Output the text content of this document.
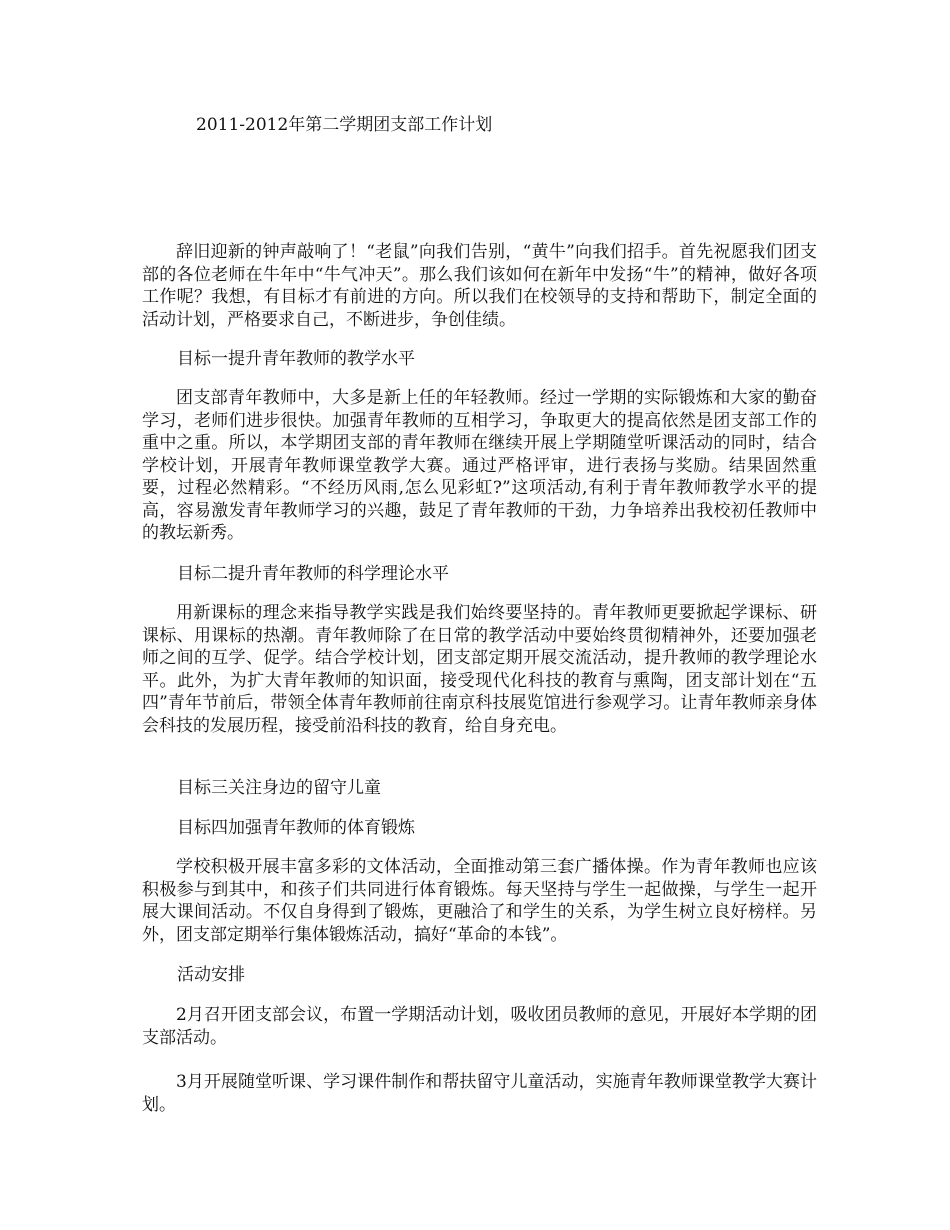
2011-2012年第二学期团支部工作计划

辞旧迎新的钟声敲响了！“老鼠”向我们告别，“黄牛”向我们招手。首先祝愿我们团支部的各位老师在牛年中“牛气冲天”。那么我们该如何在新年中发扬“牛”的精神，做好各项工作呢？我想，有目标才有前进的方向。所以我们在校领导的支持和帮助下，制定全面的活动计划，严格要求自己，不断进步，争创佳绩。

目标一提升青年教师的教学水平

团支部青年教师中，大多是新上任的年轻教师。经过一学期的实际锻炼和大家的勤奋学习，老师们进步很快。加强青年教师的互相学习，争取更大的提高依然是团支部工作的重中之重。所以，本学期团支部的青年教师在继续开展上学期随堂听课活动的同时，结合学校计划，开展青年教师课堂教学大赛。通过严格评审，进行表扬与奖励。结果固然重要，过程必然精彩。“不经历风雨,怎么见彩虹?”这项活动,有利于青年教师教学水平的提高，容易激发青年教师学习的兴趣，鼓足了青年教师的干劲，力争培养出我校初任教师中的教坛新秀。

目标二提升青年教师的科学理论水平

用新课标的理念来指导教学实践是我们始终要坚持的。青年教师更要掀起学课标、研课标、用课标的热潮。青年教师除了在日常的教学活动中要始终贯彻精神外，还要加强老师之间的互学、促学。结合学校计划，团支部定期开展交流活动，提升教师的教学理论水平。此外，为扩大青年教师的知识面，接受现代化科技的教育与熏陶，团支部计划在“五四”青年节前后，带领全体青年教师前往南京科技展览馆进行参观学习。让青年教师亲身体会科技的发展历程，接受前沿科技的教育，给自身充电。

目标三关注身边的留守儿童
目标四加强青年教师的体育锻炼

学校积极开展丰富多彩的文体活动，全面推动第三套广播体操。作为青年教师也应该积极参与到其中，和孩子们共同进行体育锻炼。每天坚持与学生一起做操，与学生一起开展大课间活动。不仅自身得到了锻炼，更融洽了和学生的关系，为学生树立良好榜样。另外，团支部定期举行集体锻炼活动，搞好“革命的本钱”。

活动安排

2月召开团支部会议，布置一学期活动计划，吸收团员教师的意见，开展好本学期的团支部活动。

3月开展随堂听课、学习课件制作和帮扶留守儿童活动，实施青年教师课堂教学大赛计划。
